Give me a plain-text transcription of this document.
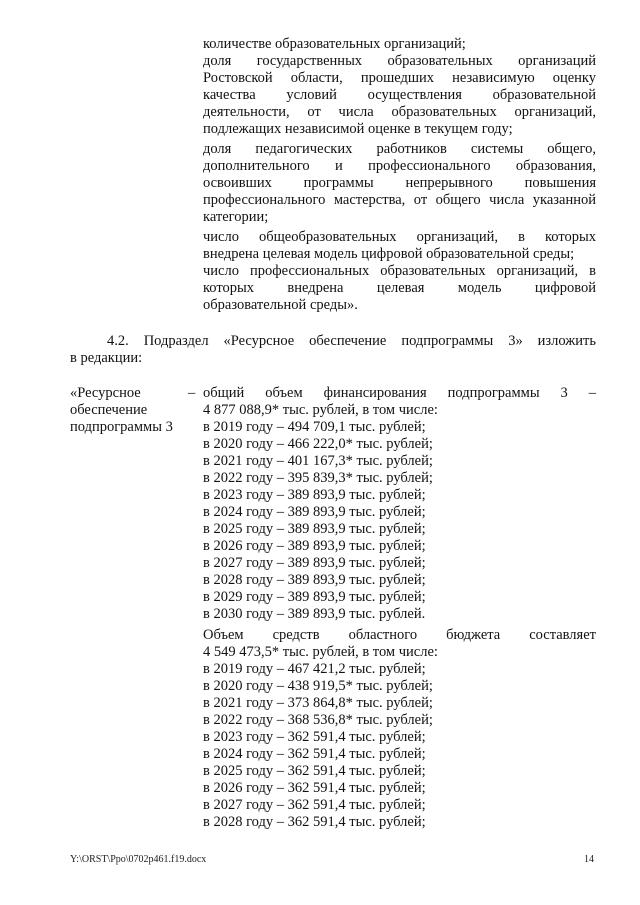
количестве образовательных организаций;

доля государственных образовательных организаций

Ростовской области, прошедших независимую оценку

качества условий осуществления образовательной

деятельности, от числа образовательных организаций,

подлежащих независимой оценке в текущем году;

доля педагогических работников системы общего,

дополнительного и профессионального образования,

освоивших программы непрерывного повышения

профессионального мастерства, от общего числа указанной

категории;

число общеобразовательных организаций, в которых

внедрена целевая модель цифровой образовательной среды;

число профессиональных образовательных организаций, в

которых внедрена целевая модель цифровой

образовательной среды».

4.2. Подраздел «Ресурсное обеспечение подпрограммы 3» изложить

в редакции:

«Ресурсное	–
обеспечение
подпрограммы 3

общий объем финансирования подпрограммы 3 –

4 877 088,9* тыс. рублей, в том числе:

в 2019 году – 494 709,1 тыс. рублей;

в 2020 году – 466 222,0* тыс. рублей;

в 2021 году – 401 167,3* тыс. рублей;

в 2022 году – 395 839,3* тыс. рублей;

в 2023 году – 389 893,9 тыс. рублей;

в 2024 году – 389 893,9 тыс. рублей;

в 2025 году – 389 893,9 тыс. рублей;

в 2026 году – 389 893,9 тыс. рублей;

в 2027 году – 389 893,9 тыс. рублей;

в 2028 году – 389 893,9 тыс. рублей;

в 2029 году – 389 893,9 тыс. рублей;

в 2030 году – 389 893,9 тыс. рублей.

Объем средств областного бюджета составляет

4 549 473,5* тыс. рублей, в том числе:

в 2019 году – 467 421,2 тыс. рублей;

в 2020 году – 438 919,5* тыс. рублей;

в 2021 году – 373 864,8* тыс. рублей;

в 2022 году – 368 536,8* тыс. рублей;

в 2023 году – 362 591,4 тыс. рублей;

в 2024 году – 362 591,4 тыс. рублей;

в 2025 году – 362 591,4 тыс. рублей;

в 2026 году – 362 591,4 тыс. рублей;

в 2027 году – 362 591,4 тыс. рублей;

в 2028 году – 362 591,4 тыс. рублей;

Y:\ORST\Ppo\0702p461.f19.docx	14
